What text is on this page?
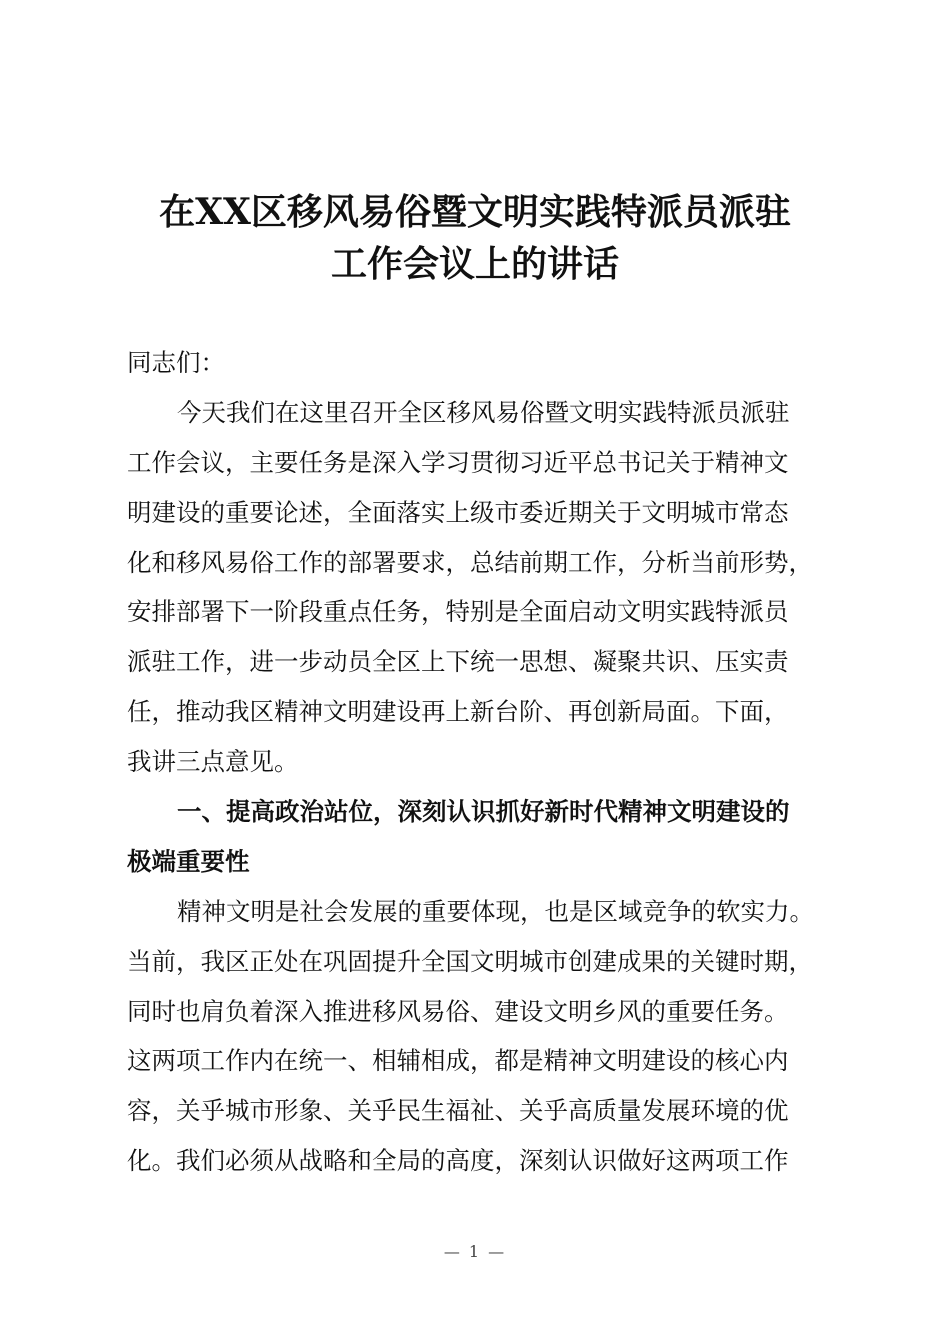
在XX区移风易俗暨文明实践特派员派驻
工作会议上的讲话
同志们：
今天我们在这里召开全区移风易俗暨文明实践特派员派驻
工作会议，主要任务是深入学习贯彻习近平总书记关于精神文
明建设的重要论述，全面落实上级市委近期关于文明城市常态
化和移风易俗工作的部署要求，总结前期工作，分析当前形势，
安排部署下一阶段重点任务，特别是全面启动文明实践特派员
派驻工作，进一步动员全区上下统一思想、凝聚共识、压实责
任，推动我区精神文明建设再上新台阶、再创新局面。下面，
我讲三点意见。
一、提高政治站位，深刻认识抓好新时代精神文明建设的
极端重要性
精神文明是社会发展的重要体现，也是区域竞争的软实力。
当前，我区正处在巩固提升全国文明城市创建成果的关键时期，
同时也肩负着深入推进移风易俗、建设文明乡风的重要任务。
这两项工作内在统一、相辅相成，都是精神文明建设的核心内
容，关乎城市形象、关乎民生福祉、关乎高质量发展环境的优
化。我们必须从战略和全局的高度，深刻认识做好这两项工作
— 1 —
